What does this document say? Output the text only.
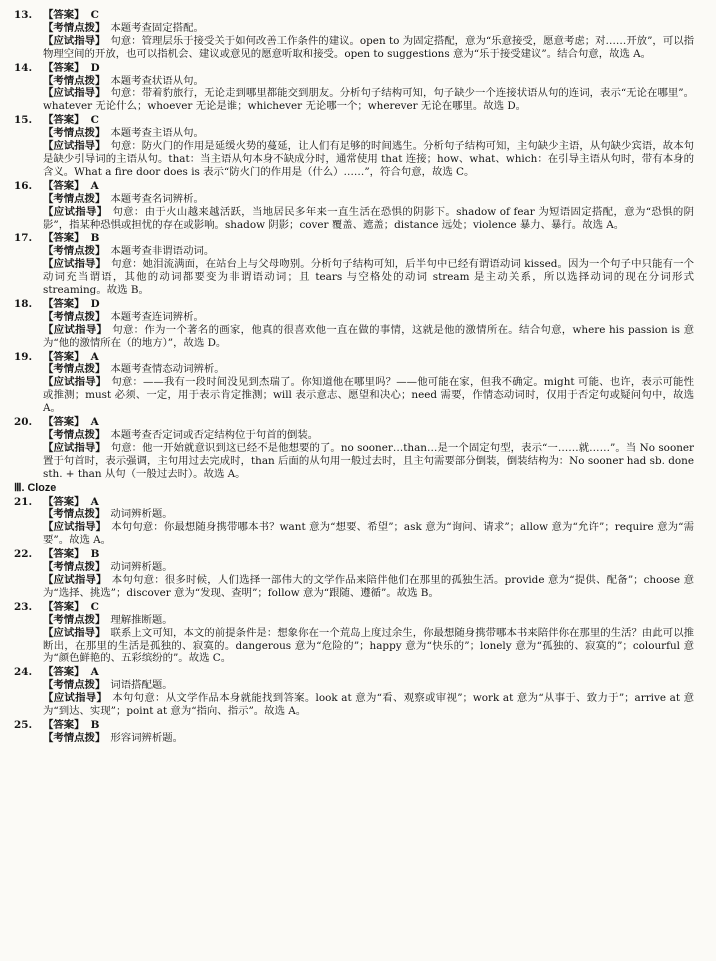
13. 【答案】 C
【考情点拨】 本题考查固定搭配。
【应试指导】 句意：管理层乐于接受关于如何改善工作条件的建议。open to 为固定搭配，意为“乐意接受，愿意考虑；对……开放”，可以指物理空间的开放，也可以指机会、建议或意见的愿意听取和接受。open to suggestions 意为“乐于接受建议”。结合句意，故选 A。
14. 【答案】 D
【考情点拨】 本题考查状语从句。
【应试指导】 句意：带着豹旅行，无论走到哪里都能交到朋友。分析句子结构可知，句子缺少一个连接状语从句的连词，表示“无论在哪里”。whatever 无论什么；whoever 无论是谁；whichever 无论哪一个；wherever 无论在哪里。故选 D。
15. 【答案】 C
【考情点拨】 本题考查主语从句。
【应试指导】 句意：防火门的作用是延缓火势的蔓延，让人们有足够的时间逃生。分析句子结构可知，主句缺少主语，从句缺少宾语，故本句是缺少引导词的主语从句。that：当主语从句本身不缺成分时，通常使用 that 连接；how、what、which：在引导主语从句时，带有本身的含义。What a fire door does is 表示“防火门的作用是（什么）……”，符合句意，故选 C。
16. 【答案】 A
【考情点拨】 本题考查名词辨析。
【应试指导】 句意：由于火山越来越活跃，当地居民多年来一直生活在恐惧的阴影下。shadow of fear 为短语固定搭配，意为“恐惧的阴影”，指某种恐惧或担忧的存在或影响。shadow 阴影；cover 覆盖、遮盖；distance 远处；violence 暴力、暴行。故选 A。
17. 【答案】 B
【考情点拨】 本题考查非谓语动词。
【应试指导】 句意：她泪流满面，在站台上与父母吻别。分析句子结构可知，后半句中已经有谓语动词 kissed。因为一个句子中只能有一个动词充当谓语，其他的动词都要变为非谓语动词；且 tears 与空格处的动词 stream 是主动关系，所以选择动词的现在分词形式 streaming。故选 B。
18. 【答案】 D
【考情点拨】 本题考查连词辨析。
【应试指导】 句意：作为一个著名的画家，他真的很喜欢他一直在做的事情，这就是他的激情所在。结合句意，where his passion is 意为“他的激情所在（的地方）”，故选 D。
19. 【答案】 A
【考情点拨】 本题考查情态动词辨析。
【应试指导】 句意：——我有一段时间没见到杰瑞了。你知道他在哪里吗？——他可能在家，但我不确定。might 可能、也许，表示可能性或推测；must 必须、一定，用于表示肯定推测；will 表示意志、愿望和决心；need 需要，作情态动词时，仅用于否定句或疑问句中，故选 A。
20. 【答案】 A
【考情点拨】 本题考查否定词或否定结构位于句首的倒装。
【应试指导】 句意：他一开始就意识到这已经不是他想要的了。no sooner…than…是一个固定句型，表示“一……就……”。当 No sooner 置于句首时，表示强调，主句用过去完成时，than 后面的从句用一般过去时，且主句需要部分倒装，倒装结构为：No sooner had sb. done sth. + than 从句（一般过去时）。故选 A。
Ⅲ. Cloze
21. 【答案】 A
【考情点拨】 动词辨析题。
【应试指导】 本句句意：你最想随身携带哪本书？want 意为“想要、希望”；ask 意为“询问、请求”；allow 意为“允许”；require 意为“需要”。故选 A。
22. 【答案】 B
【考情点拨】 动词辨析题。
【应试指导】 本句句意：很多时候，人们选择一部伟大的文学作品来陪伴他们在那里的孤独生活。provide 意为“提供、配备”；choose 意为“选择、挑选”；discover 意为“发现、查明”；follow 意为“跟随、遵循”。故选 B。
23. 【答案】 C
【考情点拨】 理解推断题。
【应试指导】 联系上文可知，本文的前提条件是：想象你在一个荒岛上度过余生，你最想随身携带哪本书来陪伴你在那里的生活？由此可以推断出，在那里的生活是孤独的、寂寞的。dangerous 意为“危险的”；happy 意为“快乐的”；lonely 意为“孤独的、寂寞的”；colourful 意为“颜色鲜艳的、五彩缤纷的”。故选 C。
24. 【答案】 A
【考情点拨】 词语搭配题。
【应试指导】 本句句意：从文学作品本身就能找到答案。look at 意为“看、观察或审视”；work at 意为“从事于、致力于”；arrive at 意为“到达、实现”；point at 意为“指向、指示”。故选 A。
25. 【答案】 B
【考情点拨】 形容词辨析题。
